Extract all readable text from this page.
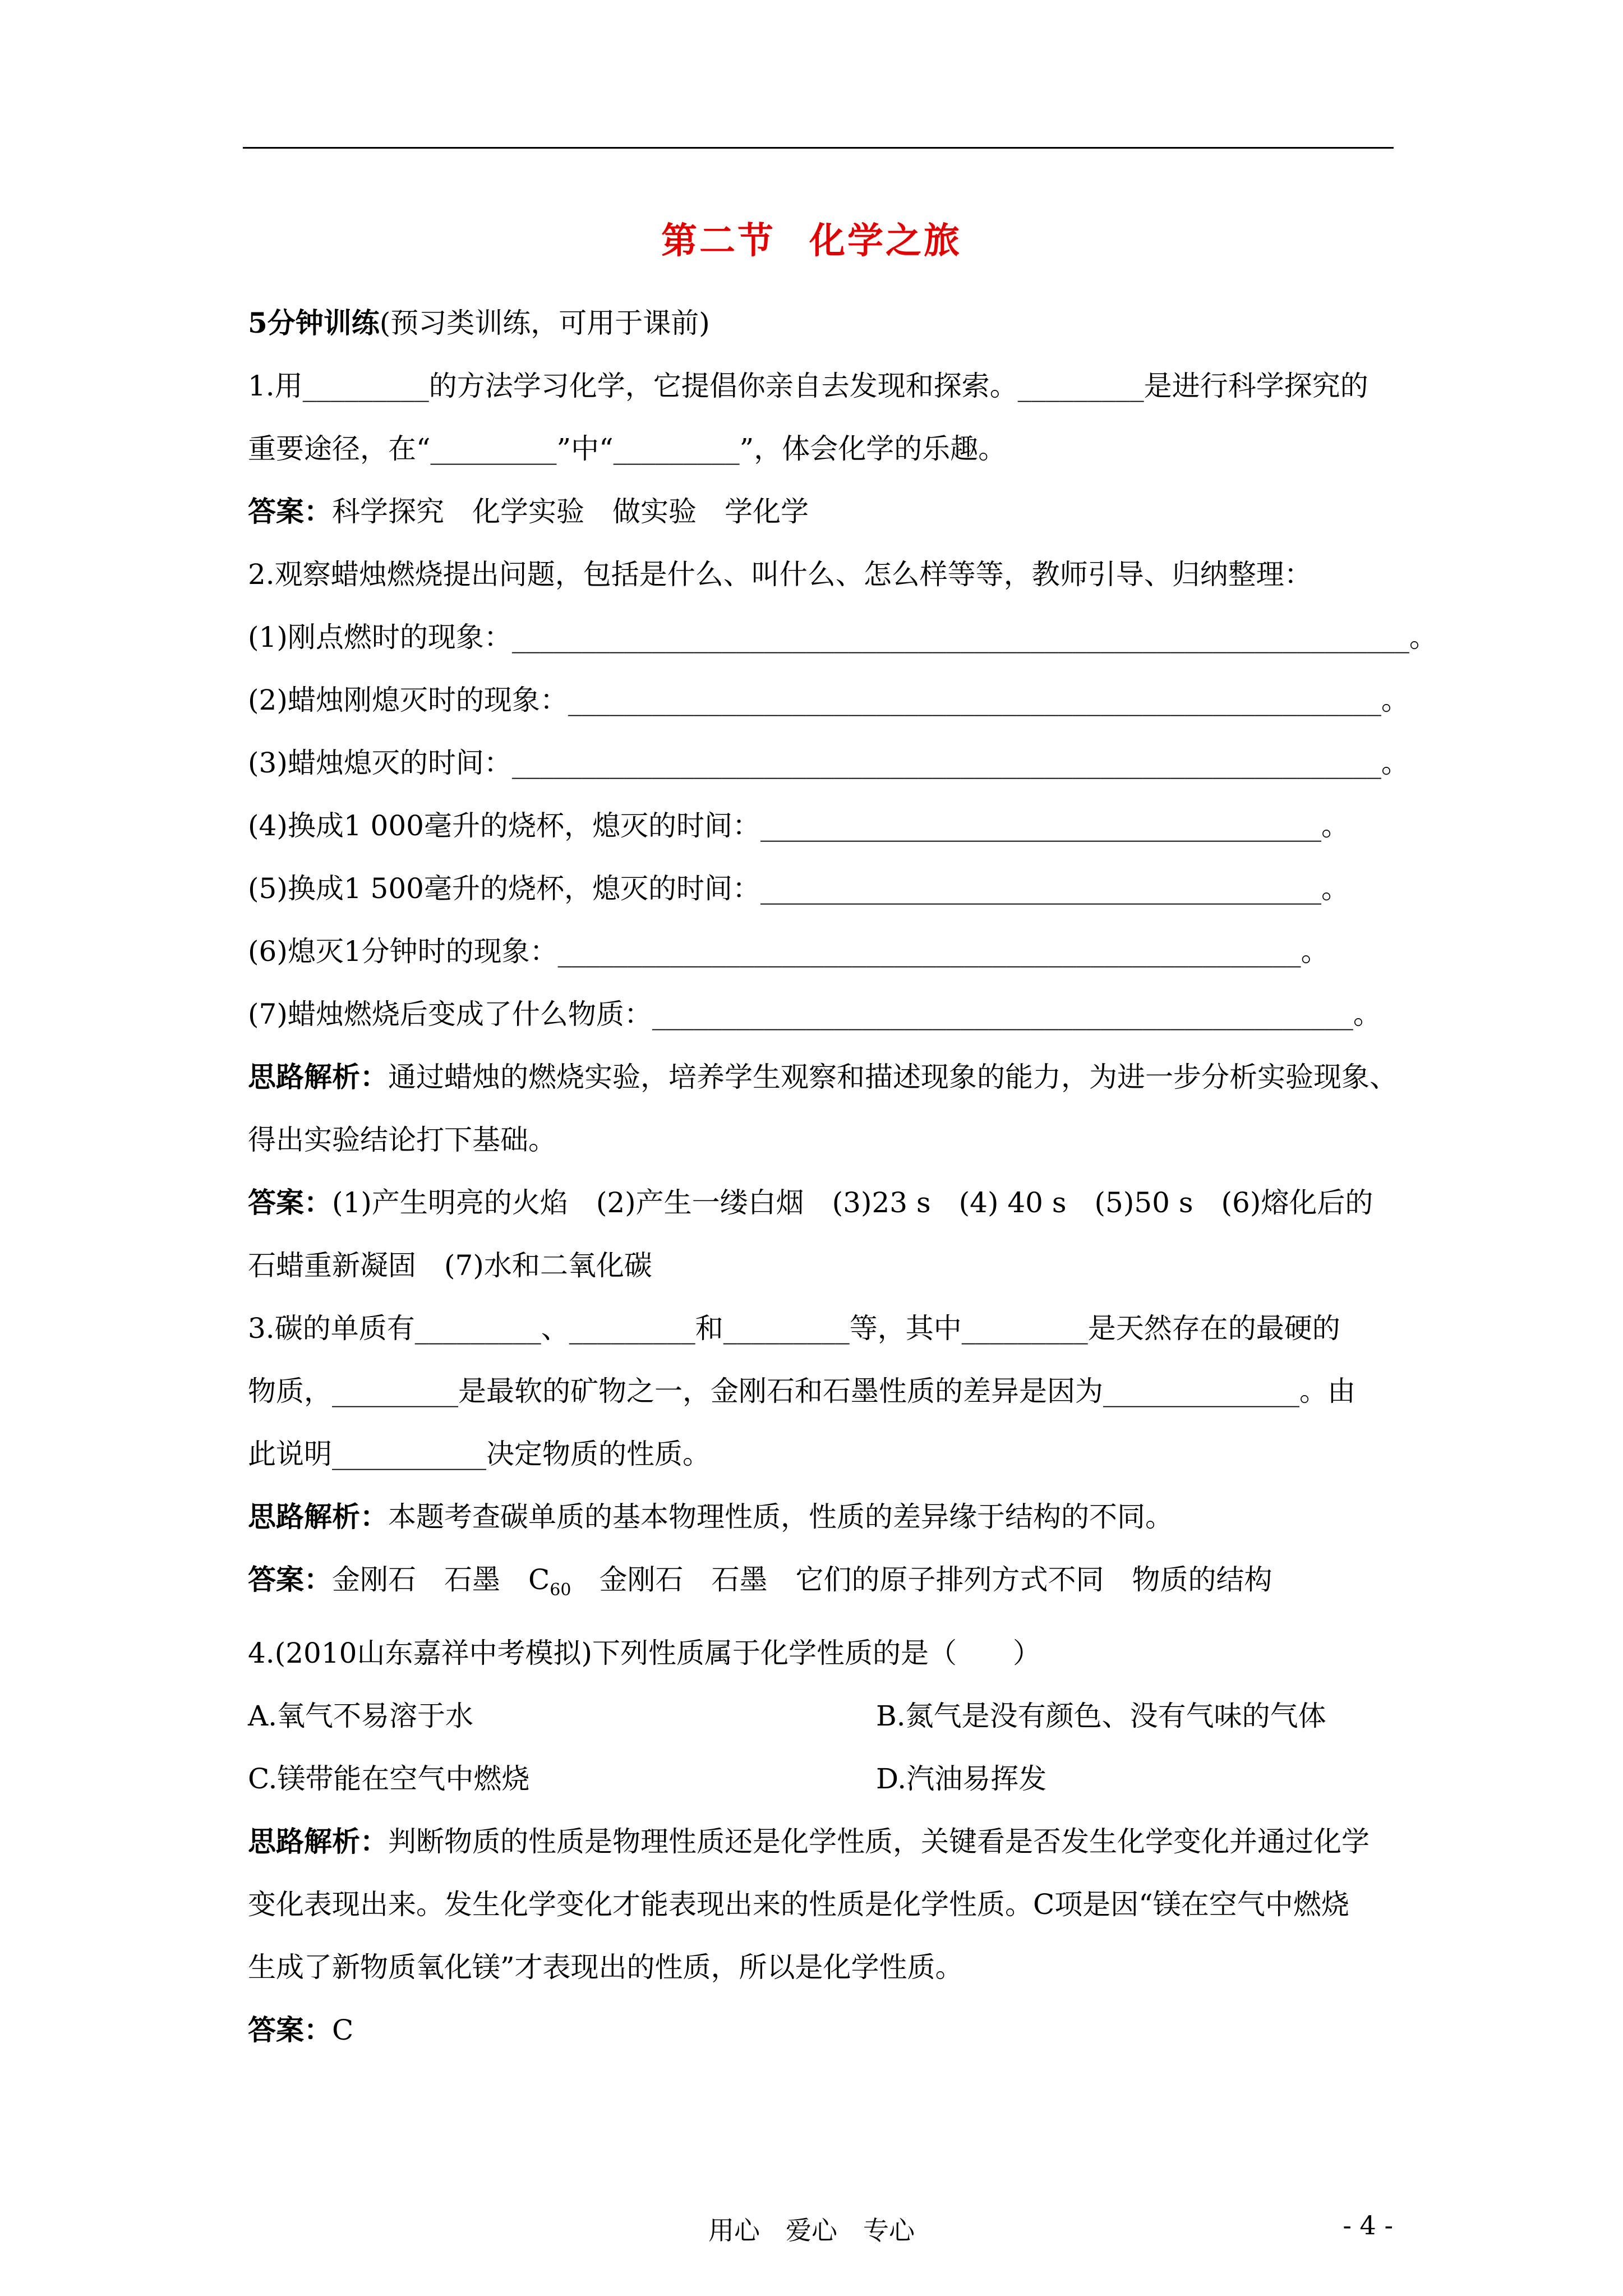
第二节 化学之旅
5分钟训练(预习类训练，可用于课前)
1.用_________的方法学习化学，它提倡你亲自去发现和探索。_________是进行科学探究的
重要途径，在“_________”中“_________”，体会化学的乐趣。
答案：科学探究　化学实验　做实验　学化学
2.观察蜡烛燃烧提出问题，包括是什么、叫什么、怎么样等等，教师引导、归纳整理：
(1)刚点燃时的现象：________________________________________________________________。
(2)蜡烛刚熄灭时的现象：__________________________________________________________。
(3)蜡烛熄灭的时间：______________________________________________________________。
(4)换成1 000毫升的烧杯，熄灭的时间：________________________________________。
(5)换成1 500毫升的烧杯，熄灭的时间：________________________________________。
(6)熄灭1分钟时的现象：_____________________________________________________。
(7)蜡烛燃烧后变成了什么物质：__________________________________________________。
思路解析：通过蜡烛的燃烧实验，培养学生观察和描述现象的能力，为进一步分析实验现象、
得出实验结论打下基础。
答案：(1)产生明亮的火焰　(2)产生一缕白烟　(3)23 s　(4) 40 s　(5)50 s　(6)熔化后的
石蜡重新凝固　(7)水和二氧化碳
3.碳的单质有_________、_________和_________等，其中_________是天然存在的最硬的
物质，_________是最软的矿物之一，金刚石和石墨性质的差异是因为______________。由
此说明___________决定物质的性质。
思路解析：本题考查碳单质的基本物理性质，性质的差异缘于结构的不同。
答案：金刚石　石墨　$C_{60}$　金刚石　石墨　它们的原子排列方式不同　物质的结构
4.(2010山东嘉祥中考模拟)下列性质属于化学性质的是（　　）
A.氧气不易溶于水	B.氮气是没有颜色、没有气味的气体
C.镁带能在空气中燃烧	D.汽油易挥发
思路解析：判断物质的性质是物理性质还是化学性质，关键看是否发生化学变化并通过化学
变化表现出来。发生化学变化才能表现出来的性质是化学性质。C项是因“镁在空气中燃烧
生成了新物质氧化镁”才表现出的性质，所以是化学性质。
答案：C
用心　爱心　专心	- 4 -
